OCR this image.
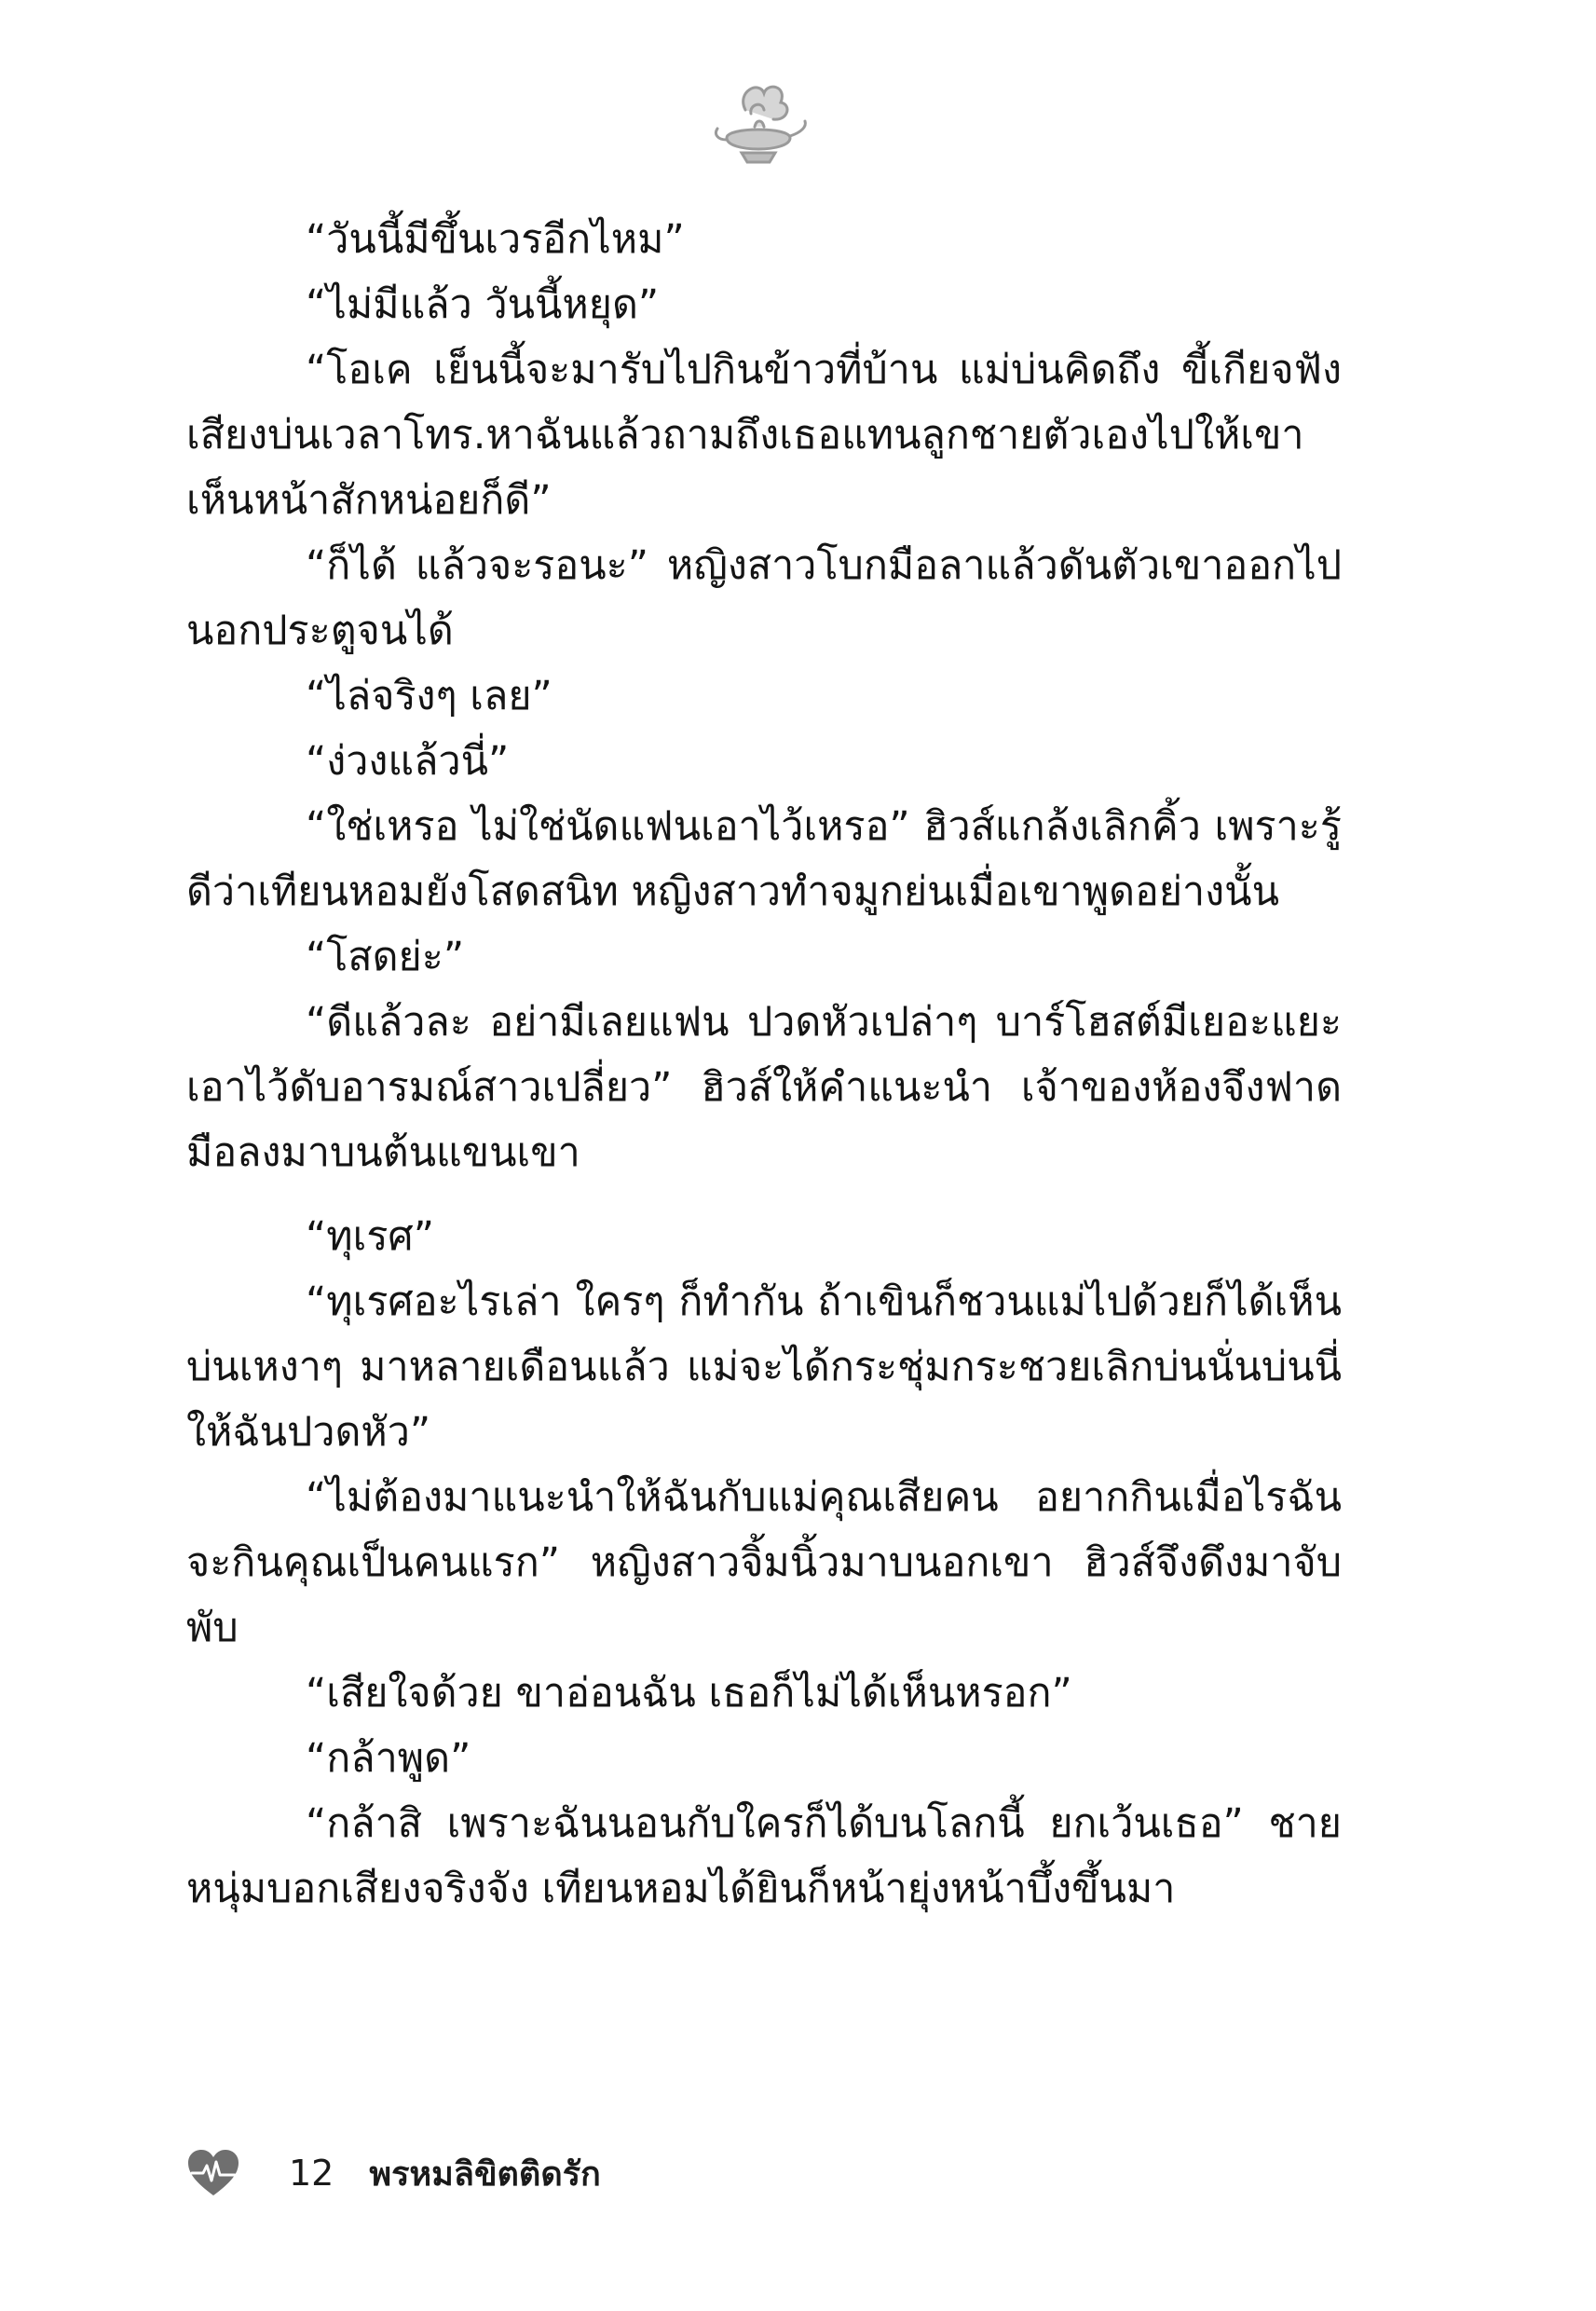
“วันนี้มีขึ้นเวรอีกไหม”

“ไม่มีแล้ว วันนี้หยุด”

“โอเค เย็นนี้จะมารับไปกินข้าวที่บ้าน แม่บ่นคิดถึง ขี้เกียจฟังเสียงบ่นเวลาโทร.หาฉันแล้วถามถึงเธอแทนลูกชายตัวเองไปให้เขาเห็นหน้าสักหน่อยก็ดี”

“ก็ได้ แล้วจะรอนะ” หญิงสาวโบกมือลาแล้วดันตัวเขาออกไปนอกประตูจนได้

“ไล่จริงๆ เลย”

“ง่วงแล้วนี่”

“ใช่เหรอ ไม่ใช่นัดแฟนเอาไว้เหรอ” ฮิวส์แกล้งเลิกคิ้ว เพราะรู้ดีว่าเทียนหอมยังโสดสนิท หญิงสาวทำจมูกย่นเมื่อเขาพูดอย่างนั้น

“โสดย่ะ”

“ดีแล้วละ อย่ามีเลยแฟน ปวดหัวเปล่าๆ บาร์โฮสต์มีเยอะแยะเอาไว้ดับอารมณ์สาวเปลี่ยว” ฮิวส์ให้คำแนะนำ เจ้าของห้องจึงฟาดมือลงมาบนต้นแขนเขา

“ทุเรศ”

“ทุเรศอะไรเล่า ใครๆ ก็ทำกัน ถ้าเขินก็ชวนแม่ไปด้วยก็ได้เห็นบ่นเหงาๆ มาหลายเดือนแล้ว แม่จะได้กระชุ่มกระชวยเลิกบ่นนั่นบ่นนี่ให้ฉันปวดหัว”

“ไม่ต้องมาแนะนำให้ฉันกับแม่คุณเสียคน อยากกินเมื่อไรฉันจะกินคุณเป็นคนแรก” หญิงสาวจิ้มนิ้วมาบนอกเขา ฮิวส์จึงดึงมาจับพับ

“เสียใจด้วย ขาอ่อนฉัน เธอก็ไม่ได้เห็นหรอก”

“กล้าพูด”

“กล้าสิ เพราะฉันนอนกับใครก็ได้บนโลกนี้ ยกเว้นเธอ” ชายหนุ่มบอกเสียงจริงจัง เทียนหอมได้ยินก็หน้ายุ่งหน้าบึ้งขึ้นมา

12 พรหมลิขิตติดรัก
